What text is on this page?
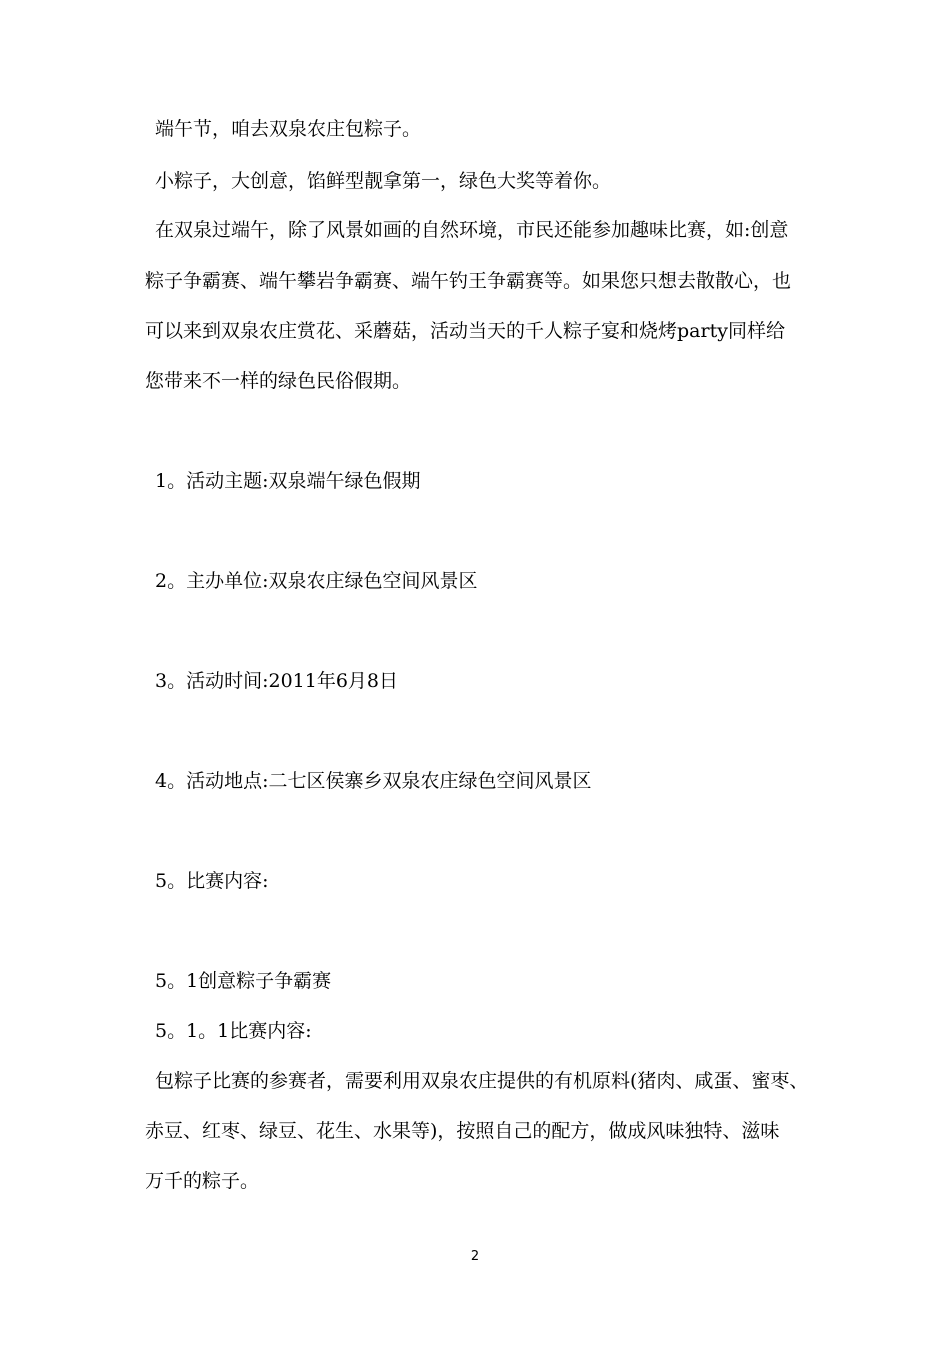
端午节，咱去双泉农庄包粽子。

小粽子，大创意，馅鲜型靓拿第一，绿色大奖等着你。

在双泉过端午，除了风景如画的自然环境，市民还能参加趣味比赛，如:创意

粽子争霸赛、端午攀岩争霸赛、端午钓王争霸赛等。如果您只想去散散心，也

可以来到双泉农庄赏花、采蘑菇，活动当天的千人粽子宴和烧烤party同样给

您带来不一样的绿色民俗假期。

1。活动主题:双泉端午绿色假期

2。主办单位:双泉农庄绿色空间风景区

3。活动时间:2011年6月8日

4。活动地点:二七区侯寨乡双泉农庄绿色空间风景区

5。比赛内容:

5。1创意粽子争霸赛

5。1。1比赛内容:

包粽子比赛的参赛者，需要利用双泉农庄提供的有机原料(猪肉、咸蛋、蜜枣、

赤豆、红枣、绿豆、花生、水果等)，按照自己的配方，做成风味独特、滋味

万千的粽子。

2
